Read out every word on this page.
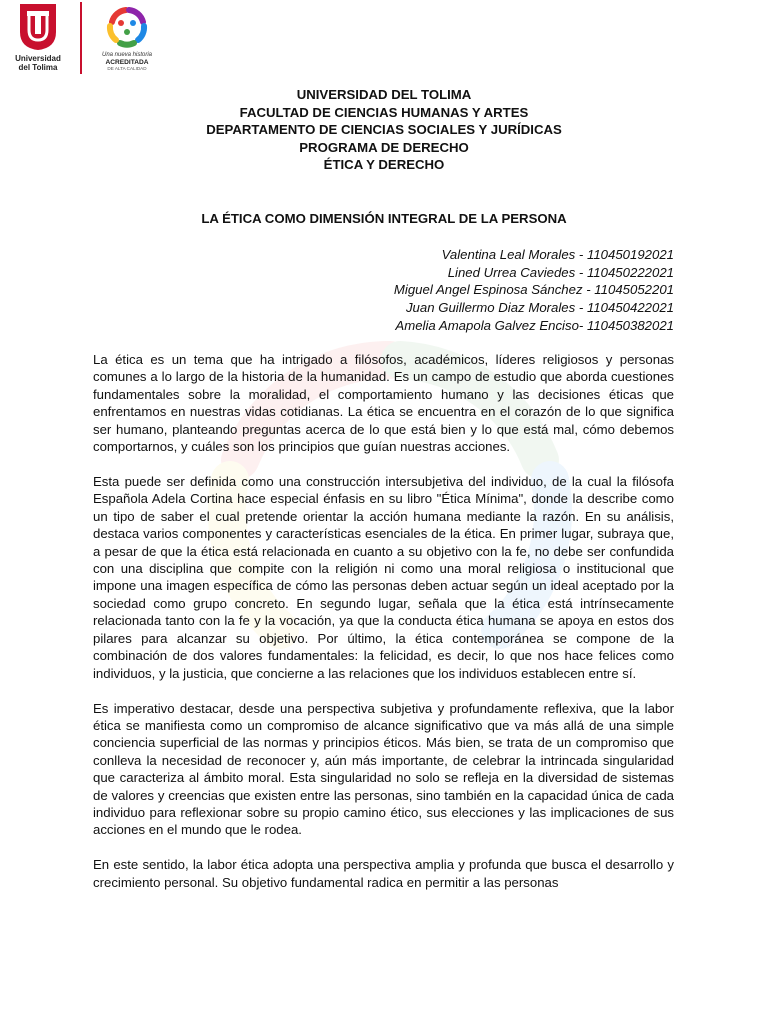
Universidad
del Tolima
Una nueva historia
ACREDITADA
DE ALTA CALIDAD
UNIVERSIDAD DEL TOLIMA
FACULTAD DE CIENCIAS HUMANAS Y ARTES
DEPARTAMENTO DE CIENCIAS SOCIALES Y JURÍDICAS
PROGRAMA DE DERECHO
ÉTICA Y DERECHO
LA ÉTICA COMO DIMENSIÓN INTEGRAL DE LA PERSONA
Valentina Leal Morales - 110450192021
Lined Urrea Caviedes - 110450222021
Miguel Angel Espinosa Sánchez - 11045052201
Juan Guillermo Diaz Morales - 110450422021
Amelia Amapola Galvez Enciso- 110450382021

La ética es un tema que ha intrigado a filósofos, académicos, líderes religiosos y personas comunes a lo largo de la historia de la humanidad. Es un campo de estudio que aborda cuestiones fundamentales sobre la moralidad, el comportamiento humano y las decisiones éticas que enfrentamos en nuestras vidas cotidianas. La ética se encuentra en el corazón de lo que significa ser humano, planteando preguntas acerca de lo que está bien y lo que está mal, cómo debemos comportarnos, y cuáles son los principios que guían nuestras acciones.

Esta puede ser definida como una construcción intersubjetiva del individuo, de la cual la filósofa Española Adela Cortina hace especial énfasis en su libro "Ética Mínima", donde la describe como un tipo de saber el cual pretende orientar la acción humana mediante la razón. En su análisis, destaca varios componentes y características esenciales de la ética. En primer lugar, subraya que, a pesar de que la ética está relacionada en cuanto a su objetivo con la fe, no debe ser confundida con una disciplina que compite con la religión ni como una moral religiosa o institucional que impone una imagen específica de cómo las personas deben actuar según un ideal aceptado por la sociedad como grupo concreto. En segundo lugar, señala que la ética está intrínsecamente relacionada tanto con la fe y la vocación, ya que la conducta ética humana se apoya en estos dos pilares para alcanzar su objetivo. Por último, la ética contemporánea se compone de la combinación de dos valores fundamentales: la felicidad, es decir, lo que nos hace felices como individuos, y la justicia, que concierne a las relaciones que los individuos establecen entre sí.

Es imperativo destacar, desde una perspectiva subjetiva y profundamente reflexiva, que la labor ética se manifiesta como un compromiso de alcance significativo que va más allá de una simple conciencia superficial de las normas y principios éticos. Más bien, se trata de un compromiso que conlleva la necesidad de reconocer y, aún más importante, de celebrar la intrincada singularidad que caracteriza al ámbito moral. Esta singularidad no solo se refleja en la diversidad de sistemas de valores y creencias que existen entre las personas, sino también en la capacidad única de cada individuo para reflexionar sobre su propio camino ético, sus elecciones y las implicaciones de sus acciones en el mundo que le rodea.

En este sentido, la labor ética adopta una perspectiva amplia y profunda que busca el desarrollo y crecimiento personal. Su objetivo fundamental radica en permitir a las personas
